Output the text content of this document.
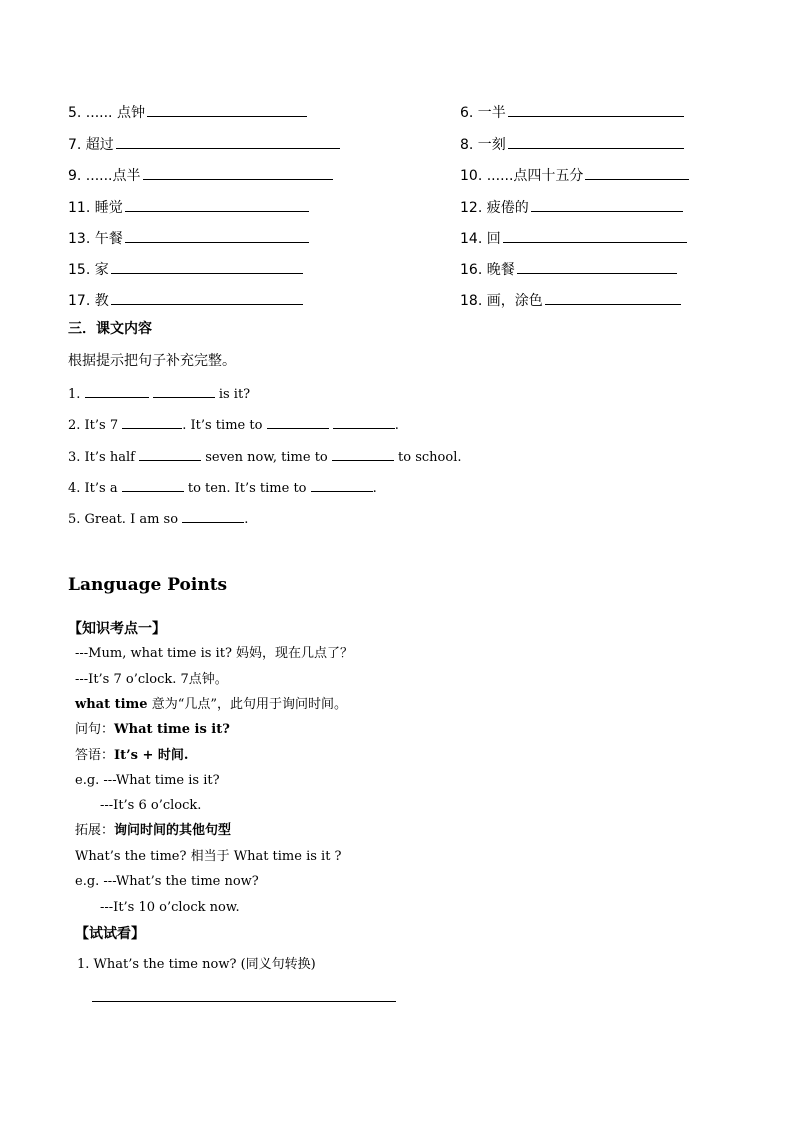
5. ...... 点钟
7. 超过
9. ......点半
11. 睡觉
13. 午餐
15. 家
17. 教
6. 一半
8. 一刻
10. ......点四十五分
12. 疲倦的
14. 回
16. 晚餐
18. 画，涂色
三．课文内容
根据提示把句子补充完整。
1.	is it?
2. It’s 7	. It’s time to	.
3. It’s half	seven now, time to	to school.
4. It’s a	to ten. It’s time to	.
5. Great. I am so	.
Language Points
【知识考点一】
---Mum, what time is it? 妈妈，现在几点了？
---It’s 7 o’clock. 7点钟。
what time 意为“几点”，此句用于询问时间。
问句：What time is it?
答语：It’s + 时间.
e.g. ---What time is it?
---It’s 6 o’clock.
拓展：询问时间的其他句型
What’s the time? 相当于 What time is it ?
e.g. ---What’s the time now?
---It’s 10 o’clock now.
【试试看】
1. What’s the time now? (同义句转换)
